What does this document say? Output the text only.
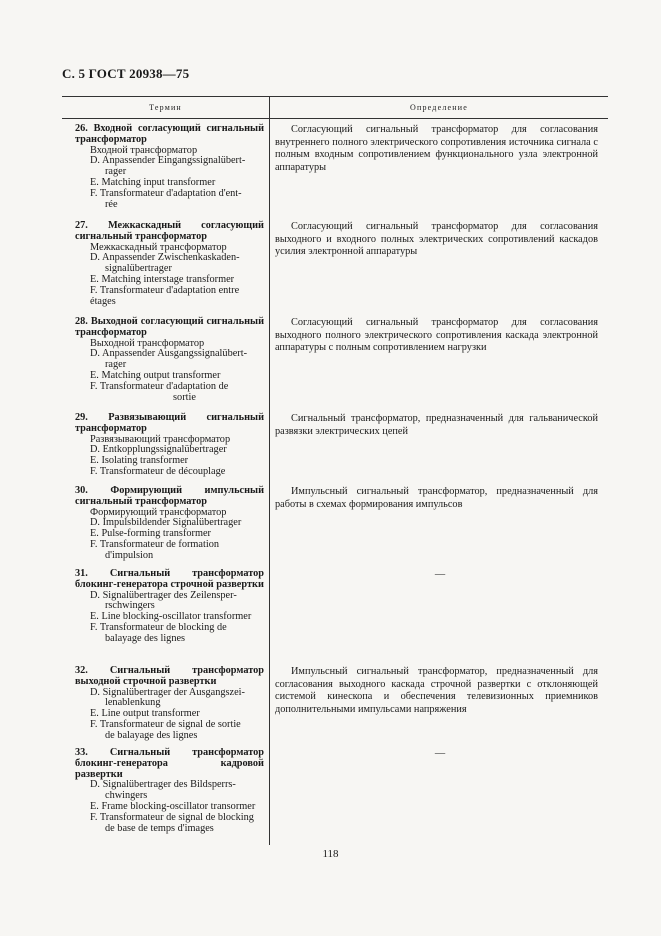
С. 5 ГОСТ 20938—75
Термин	Определение
26. Входной согласующий сигнальный трансформатор
Входной трансформатор
D. Anpassender Eingangssignalübert-
rager
E. Matching input transformer
F. Transformateur d'adaptation d'ent-
rée
Согласующий сигнальный трансформатор для согласования внутреннего полного электрического сопротивления источника сигнала с полным входным сопротивлением функционального узла электронной аппаратуры
27. Межкаскадный согласующий сигнальный трансформатор
Межкаскадный трансформатор
D. Anpassender Zwischenkaskaden-
signalübertrager
E. Matching interstage transformer
F. Transformateur d'adaptation entre
étages
Согласующий сигнальный трансформатор для согласования выходного и входного полных электрических сопротивлений каскадов усилия электронной аппаратуры
28. Выходной согласующий сигнальный трансформатор
Выходной трансформатор
D. Anpassender Ausgangssignalübert-
rager
E. Matching output transformer
F. Transformateur d'adaptation de
sortie
Согласующий сигнальный трансформатор для согласования выходного полного электрического сопротивления каскада электронной аппаратуры с полным сопротивлением нагрузки
29. Развязывающий сигнальный трансформатор
Развязывающий трансформатор
D. Entkopplungssignalübertrager
E. Isolating transformer
F. Transformateur de découplage
Сигнальный трансформатор, предназначенный для гальванической развязки электрических цепей
30. Формирующий импульсный сигнальный трансформатор
Формирующий трансформатор
D. Impulsbildender Signalübertrager
E. Pulse-forming transformer
F. Transformateur de formation
d'impulsion
Импульсный сигнальный трансформатор, предназначенный для работы в схемах формирования импульсов
31. Сигнальный трансформатор блокинг-генератора строчной развертки
D. Signalübertrager des Zeilensper-
rschwingers
E. Line blocking-oscillator transformer
F. Transformateur de blocking de
balayage des lignes
—
32. Сигнальный трансформатор выходной строчной развертки
D. Signalübertrager der Ausgangszei-
lenablenkung
E. Line output transformer
F. Transformateur de signal de sortie
de balayage des lignes
Импульсный сигнальный трансформатор, предназначенный для согласования выходного каскада строчной развертки с отклоняющей системой кинескопа и обеспечения телевизионных приемников дополнительными импульсами напряжения
33. Сигнальный трансформатор блокинг-генератора кадровой развертки
D. Signalübertrager des Bildsperrs-
chwingers
E. Frame blocking-oscillator transormer
F. Transformateur de signal de blocking
de base de temps d'images
—
118
